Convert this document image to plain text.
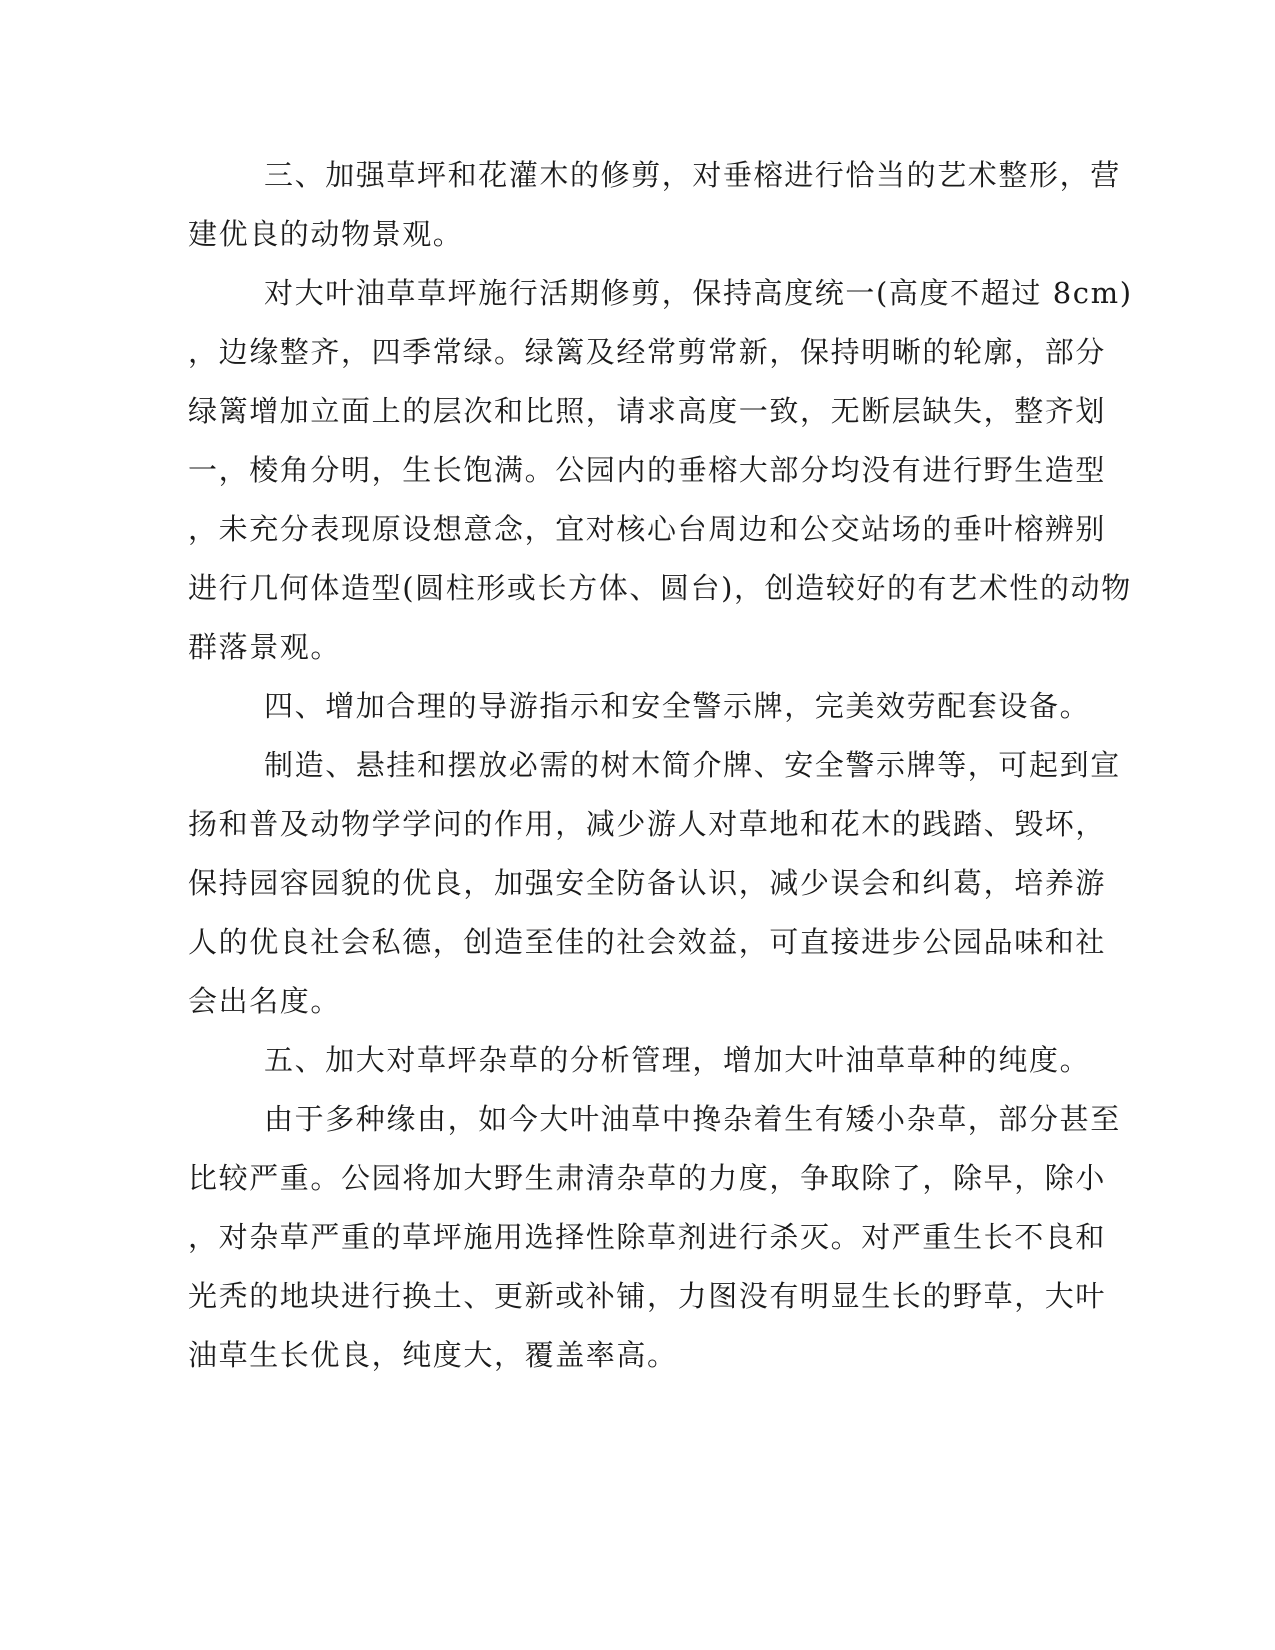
三、加强草坪和花灌木的修剪，对垂榕进行恰当的艺术整形，营
建优良的动物景观。
对大叶油草草坪施行活期修剪，保持高度统一(高度不超过 8cm)
，边缘整齐，四季常绿。绿篱及经常剪常新，保持明晰的轮廓，部分
绿篱增加立面上的层次和比照，请求高度一致，无断层缺失，整齐划
一，棱角分明，生长饱满。公园内的垂榕大部分均没有进行野生造型
，未充分表现原设想意念，宜对核心台周边和公交站场的垂叶榕辨别
进行几何体造型(圆柱形或长方体、圆台)，创造较好的有艺术性的动物
群落景观。
四、增加合理的导游指示和安全警示牌，完美效劳配套设备。
制造、悬挂和摆放必需的树木简介牌、安全警示牌等，可起到宣
扬和普及动物学学问的作用，减少游人对草地和花木的践踏、毁坏，
保持园容园貌的优良，加强安全防备认识，减少误会和纠葛，培养游
人的优良社会私德，创造至佳的社会效益，可直接进步公园品味和社
会出名度。
五、加大对草坪杂草的分析管理，增加大叶油草草种的纯度。
由于多种缘由，如今大叶油草中搀杂着生有矮小杂草，部分甚至
比较严重。公园将加大野生肃清杂草的力度，争取除了，除早，除小
，对杂草严重的草坪施用选择性除草剂进行杀灭。对严重生长不良和
光秃的地块进行换土、更新或补铺，力图没有明显生长的野草，大叶
油草生长优良，纯度大，覆盖率高。
